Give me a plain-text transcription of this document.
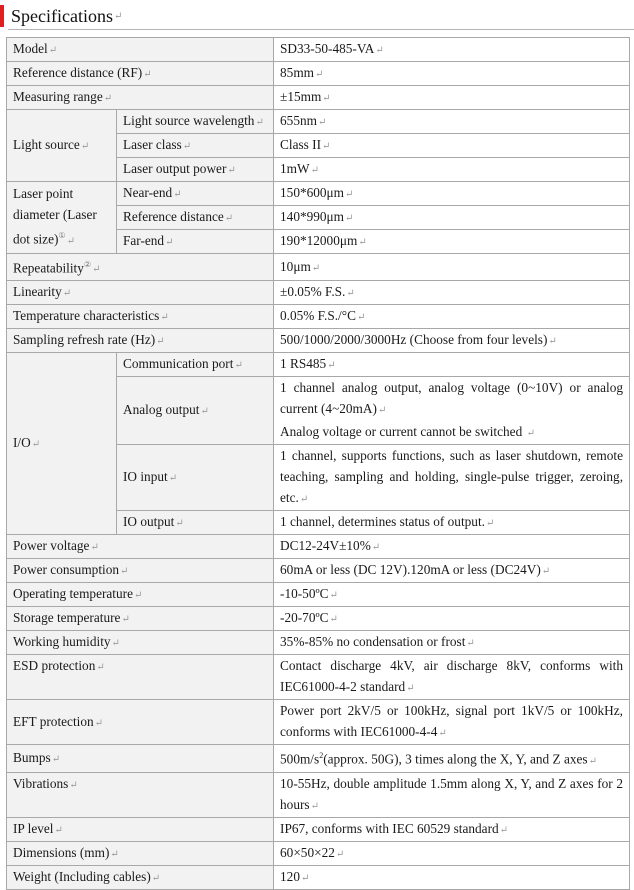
Specifications ↵
Model↵		SD33-50-485-VA↵
Reference distance (RF)↵		85mm↵
Measuring range↵		±15mm↵
Light source↵	Light source wavelength↵	655nm↵
	Laser class↵	Class II↵
	Laser output power↵	1mW↵

Laser point
diameter (Laser
dot size)①↵	Near-end↵	150*600μm↵
	Reference distance↵	140*990μm↵
	Far-end↵	190*12000μm↵
Repeatability②↵		10μm↵
Linearity↵		±0.05% F.S.↵
Temperature characteristics↵		0.05% F.S./°C↵
Sampling refresh rate (Hz)↵		500/1000/2000/3000Hz (Choose from four levels)↵
I/O↵	Communication port↵	1 RS485↵
	Analog output↵	1 channel analog output, analog voltage (0~10V) or analog current (4~20mA)↵
Analog voltage or current cannot be switched ↵

	IO input↵	1 channel, supports functions, such as laser shutdown, remote teaching, sampling and holding, single-pulse trigger, zeroing, etc.↵
	IO output↵	1 channel, determines status of output.↵
Power voltage↵		DC12-24V±10%↵
Power consumption↵		60mA or less (DC 12V).120mA or less (DC24V)↵
Operating temperature↵		-10-50ºC↵
Storage temperature↵		-20-70ºC↵
Working humidity↵		35%-85% no condensation or frost↵
ESD protection↵		Contact discharge 4kV, air discharge 8kV, conforms with IEC61000-4-2 standard↵
EFT protection↵		Power port 2kV/5 or 100kHz, signal port 1kV/5 or 100kHz, conforms with IEC61000-4-4↵
Bumps↵		$500m/s^2(approx$. 50G), 3 times along the X, Y, and Z axes↵
Vibrations↵		10-55Hz, double amplitude 1.5mm along X, Y, and Z axes for 2 hours↵
IP level↵		IP67, conforms with IEC 60529 standard↵
Dimensions (mm)↵		60×50×22↵
Weight (Including cables)↵		120↵
